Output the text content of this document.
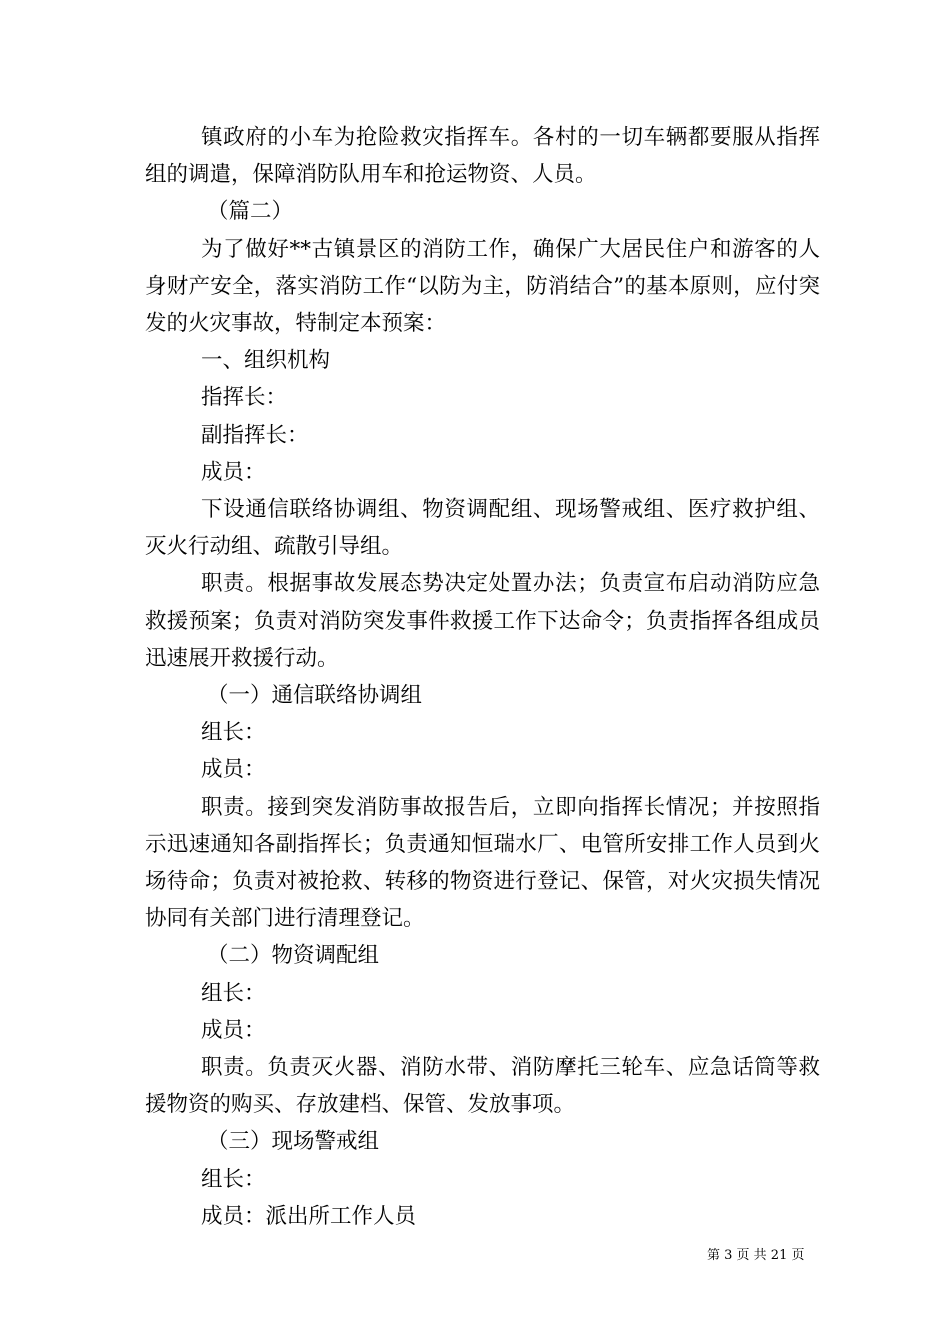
镇政府的小车为抢险救灾指挥车。各村的一切车辆都要服从指挥组的调遣，保障消防队用车和抢运物资、人员。

（篇二）

为了做好**古镇景区的消防工作，确保广大居民住户和游客的人身财产安全，落实消防工作“以防为主，防消结合”的基本原则，应付突发的火灾事故，特制定本预案：

一、组织机构

指挥长：

副指挥长：

成员：

下设通信联络协调组、物资调配组、现场警戒组、医疗救护组、灭火行动组、疏散引导组。

职责。根据事故发展态势决定处置办法；负责宣布启动消防应急救援预案；负责对消防突发事件救援工作下达命令；负责指挥各组成员迅速展开救援行动。

（一）通信联络协调组

组长：

成员：

职责。接到突发消防事故报告后，立即向指挥长情况；并按照指示迅速通知各副指挥长；负责通知恒瑞水厂、电管所安排工作人员到火场待命；负责对被抢救、转移的物资进行登记、保管，对火灾损失情况协同有关部门进行清理登记。

（二）物资调配组

组长：

成员：

职责。负责灭火器、消防水带、消防摩托三轮车、应急话筒等救援物资的购买、存放建档、保管、发放事项。

（三）现场警戒组

组长：

成员：派出所工作人员

第 3 页 共 21 页
